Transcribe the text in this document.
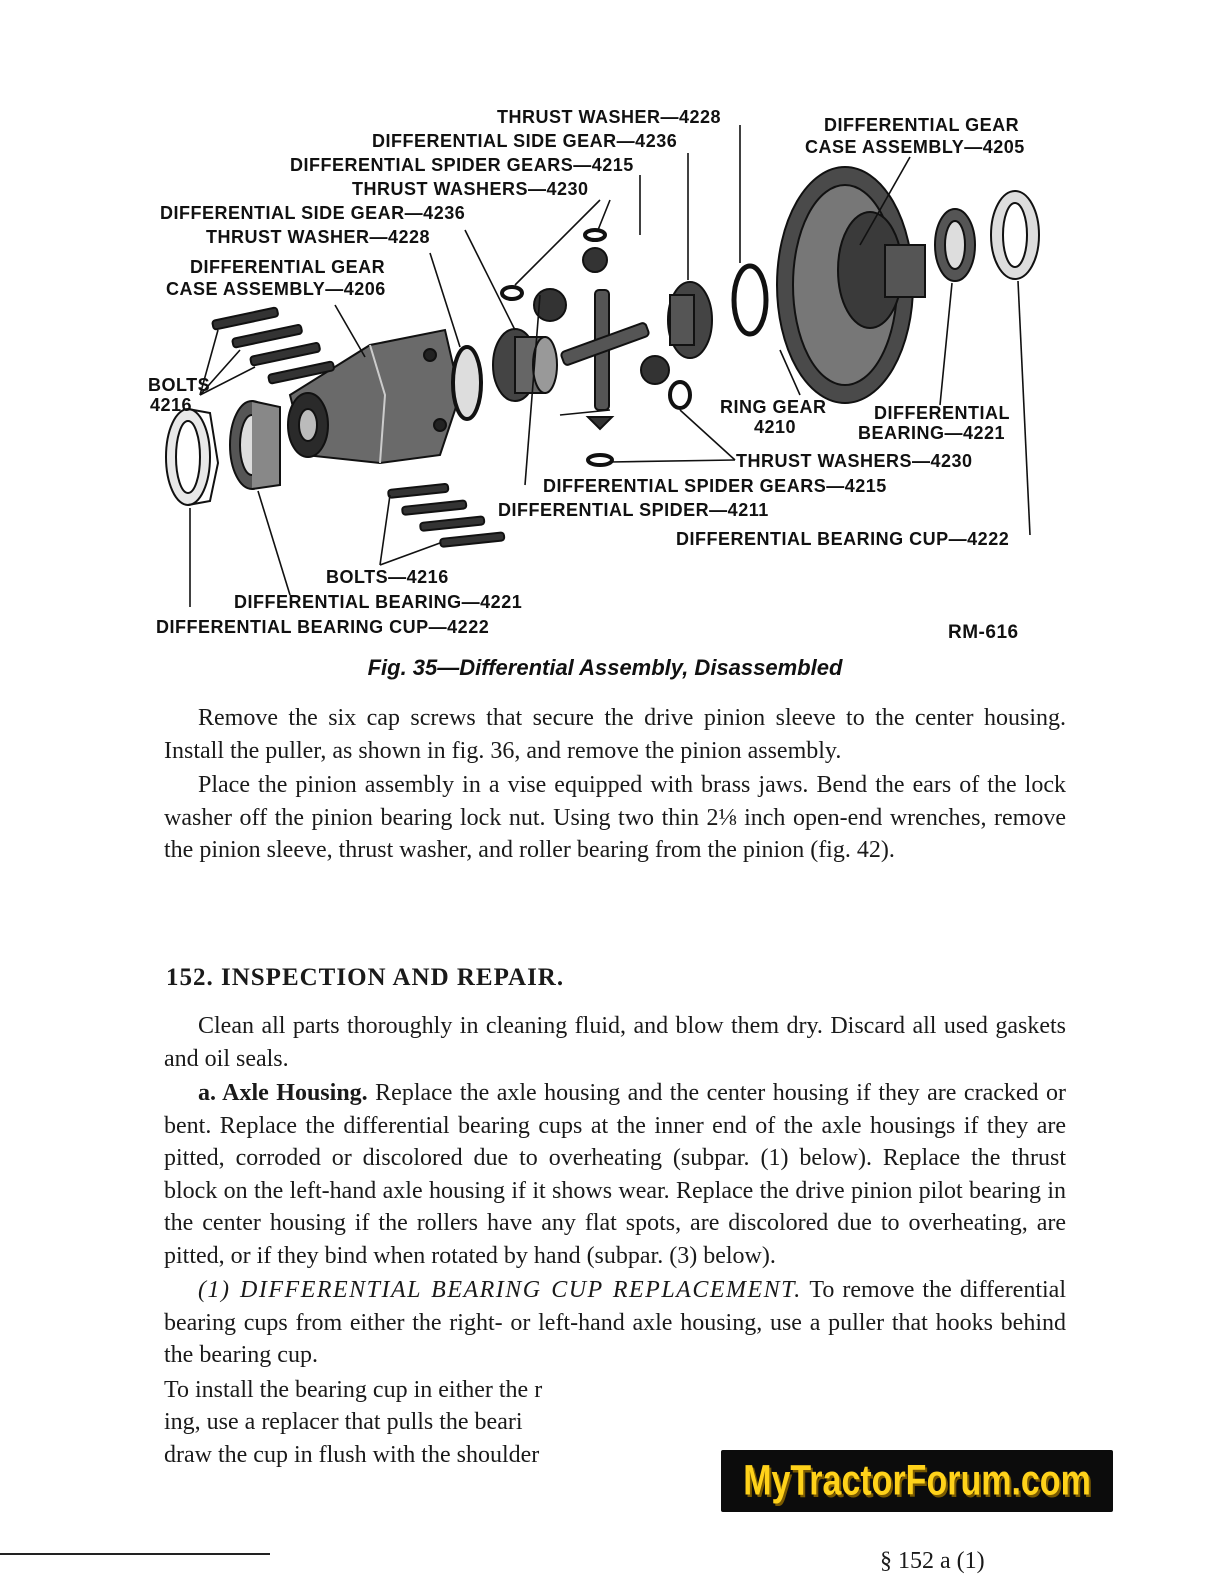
THRUST WASHER—4228
DIFFERENTIAL SIDE GEAR—4236
DIFFERENTIAL SPIDER GEARS—4215
THRUST WASHERS—4230
DIFFERENTIAL SIDE GEAR—4236
THRUST WASHER—4228
DIFFERENTIAL GEAR
CASE ASSEMBLY—4206
DIFFERENTIAL GEAR
CASE ASSEMBLY—4205
BOLTS
4216	RING GEAR
4210
DIFFERENTIAL
BEARING—4221
THRUST WASHERS—4230
DIFFERENTIAL SPIDER GEARS—4215
DIFFERENTIAL SPIDER—4211
DIFFERENTIAL BEARING CUP—4222
BOLTS—4216
DIFFERENTIAL BEARING—4221
DIFFERENTIAL BEARING CUP—4222	RM-616
Fig. 35—Differential Assembly, Disassembled

Remove the six cap screws that secure the drive pinion sleeve to the center housing. Install the puller, as shown in fig. 36, and remove the pinion assembly.

Place the pinion assembly in a vise equipped with brass jaws. Bend the ears of the lock washer off the pinion bearing lock nut. Using two thin 2⅛ inch open-end wrenches, remove the pinion sleeve, thrust washer, and roller bearing from the pinion (fig. 42).

152. INSPECTION AND REPAIR.

Clean all parts thoroughly in cleaning fluid, and blow them dry. Discard all used gaskets and oil seals.

a. Axle Housing. Replace the axle housing and the center housing if they are cracked or bent. Replace the differential bearing cups at the inner end of the axle housings if they are pitted, corroded or discolored due to overheating (subpar. (1) below). Replace the thrust block on the left-hand axle housing if it shows wear. Replace the drive pinion pilot bearing in the center housing if the rollers have any flat spots, are discolored due to overheating, are pitted, or if they bind when rotated by hand (subpar. (3) below).

(1) DIFFERENTIAL BEARING CUP REPLACEMENT. To remove the differential bearing cups from either the right- or left-hand axle housing, use a puller that hooks behind the bearing cup.

To install the bearing cup in either the r
ing, use a replacer that pulls the beari
draw the cup in flush with the shoulder
MyTractorForum.com
§ 152 a (1)
